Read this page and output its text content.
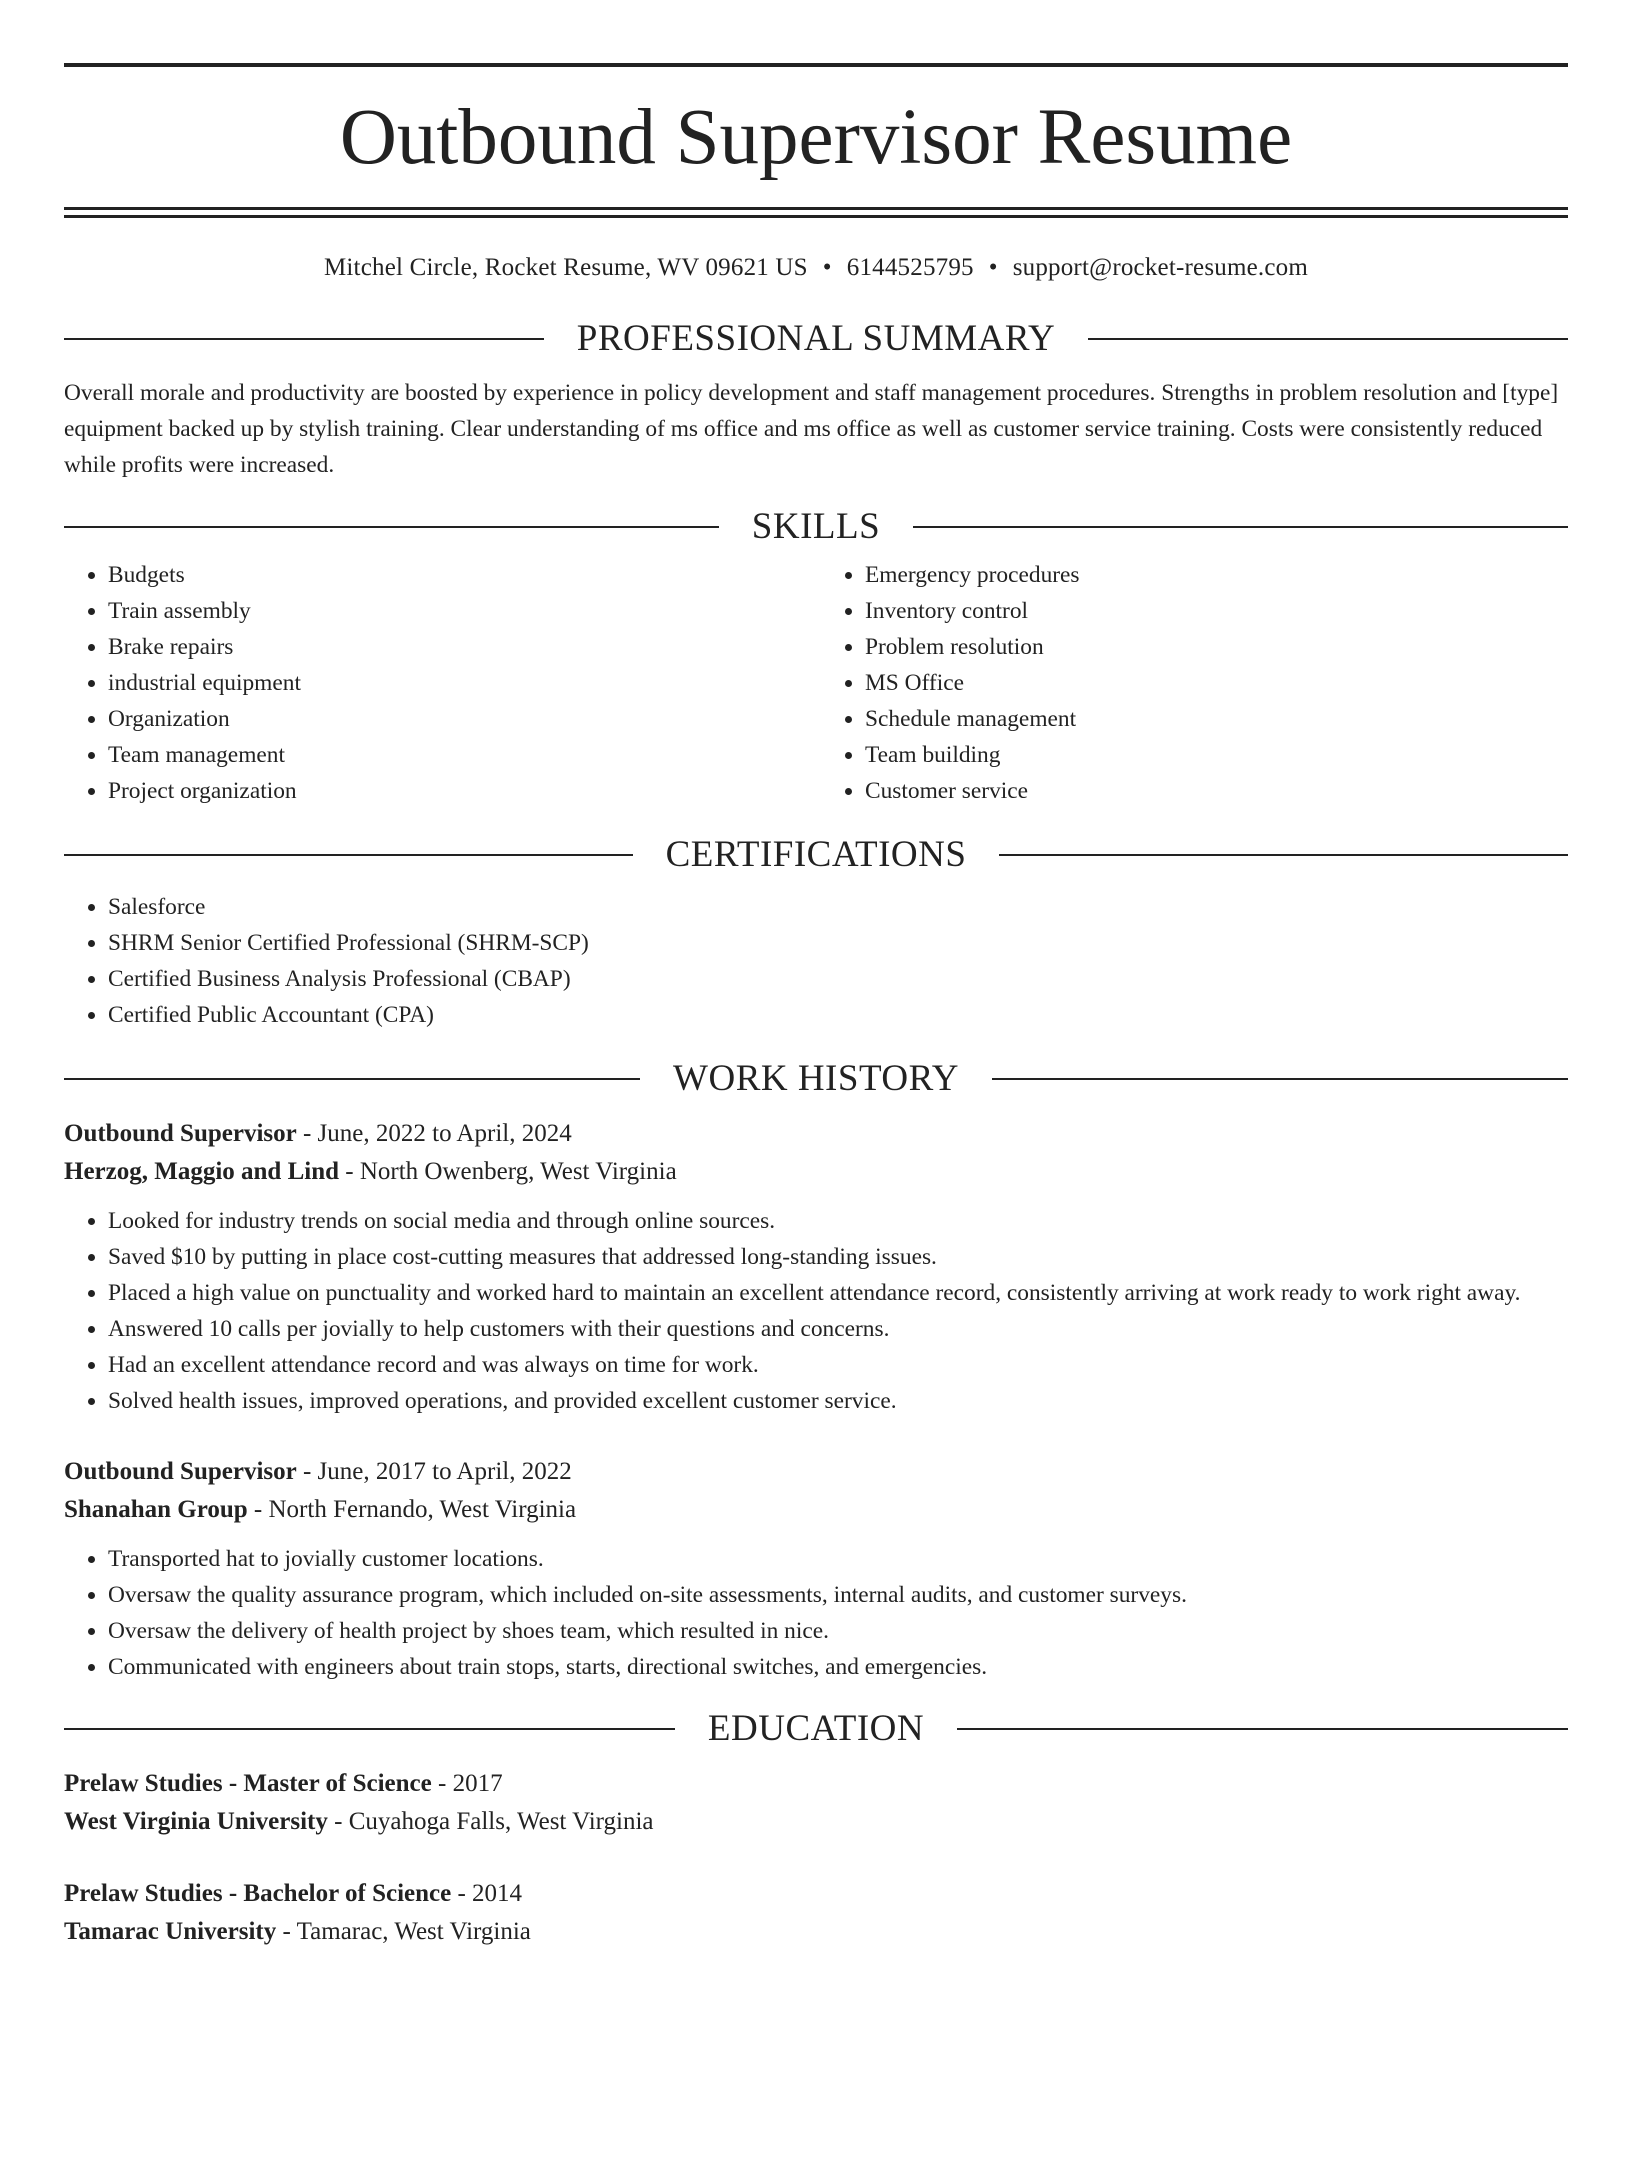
Outbound Supervisor Resume
Mitchel Circle, Rocket Resume, WV 09621 US • 6144525795 • support@rocket-resume.com
PROFESSIONAL SUMMARY

Overall morale and productivity are boosted by experience in policy development and staff management procedures. Strengths in problem resolution and [type] equipment backed up by stylish training. Clear understanding of ms office and ms office as well as customer service training. Costs were consistently reduced while profits were increased.

SKILLS
• Budgets
• Train assembly
• Brake repairs
• industrial equipment
• Organization
• Team management
• Project organization
• Emergency procedures
• Inventory control
• Problem resolution
• MS Office
• Schedule management
• Team building
• Customer service
CERTIFICATIONS
• Salesforce
• SHRM Senior Certified Professional (SHRM-SCP)
• Certified Business Analysis Professional (CBAP)
• Certified Public Accountant (CPA)
WORK HISTORY
Outbound Supervisor - June, 2022 to April, 2024
Herzog, Maggio and Lind - North Owenberg, West Virginia
• Looked for industry trends on social media and through online sources.
• Saved $10 by putting in place cost-cutting measures that addressed long-standing issues.
• Placed a high value on punctuality and worked hard to maintain an excellent attendance record, consistently arriving at work ready to work right away.
• Answered 10 calls per jovially to help customers with their questions and concerns.
• Had an excellent attendance record and was always on time for work.
• Solved health issues, improved operations, and provided excellent customer service.
Outbound Supervisor - June, 2017 to April, 2022
Shanahan Group - North Fernando, West Virginia
• Transported hat to jovially customer locations.
• Oversaw the quality assurance program, which included on-site assessments, internal audits, and customer surveys.
• Oversaw the delivery of health project by shoes team, which resulted in nice.
• Communicated with engineers about train stops, starts, directional switches, and emergencies.
EDUCATION
Prelaw Studies - Master of Science - 2017
West Virginia University - Cuyahoga Falls, West Virginia
Prelaw Studies - Bachelor of Science - 2014
Tamarac University - Tamarac, West Virginia
